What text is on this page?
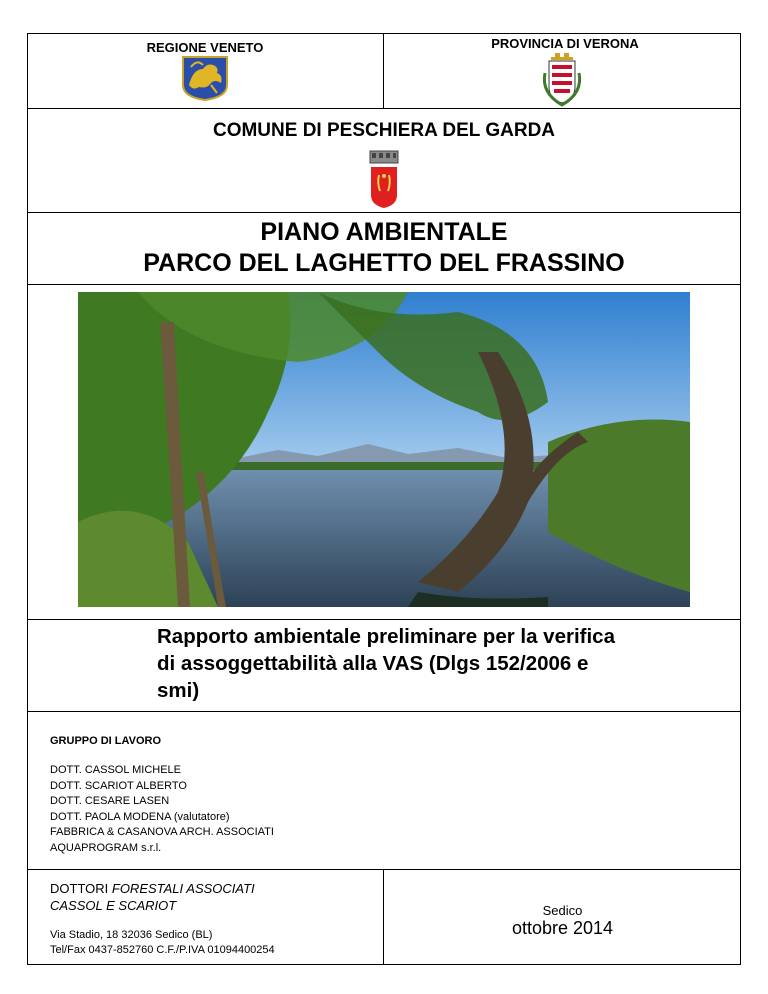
REGIONE VENETO	PROVINCIA DI VERONA
COMUNE DI PESCHIERA DEL GARDA
PIANO AMBIENTALE
PARCO DEL LAGHETTO DEL FRASSINO
Rapporto ambientale preliminare per la verifica
di assoggettabilità alla VAS (Dlgs 152/2006 e
smi)
GRUPPO DI LAVORO
DOTT. CASSOL MICHELE
DOTT. SCARIOT ALBERTO
DOTT. CESARE LASEN
DOTT. PAOLA MODENA (valutatore)
FABBRICA & CASANOVA ARCH. ASSOCIATI
AQUAPROGRAM s.r.l.
DOTTORI FORESTALI ASSOCIATI
CASSOL E SCARIOT
Via Stadio, 18 32036 Sedico (BL)
Tel/Fax 0437-852760 C.F./P.IVA 01094400254
Sedico
ottobre 2014
